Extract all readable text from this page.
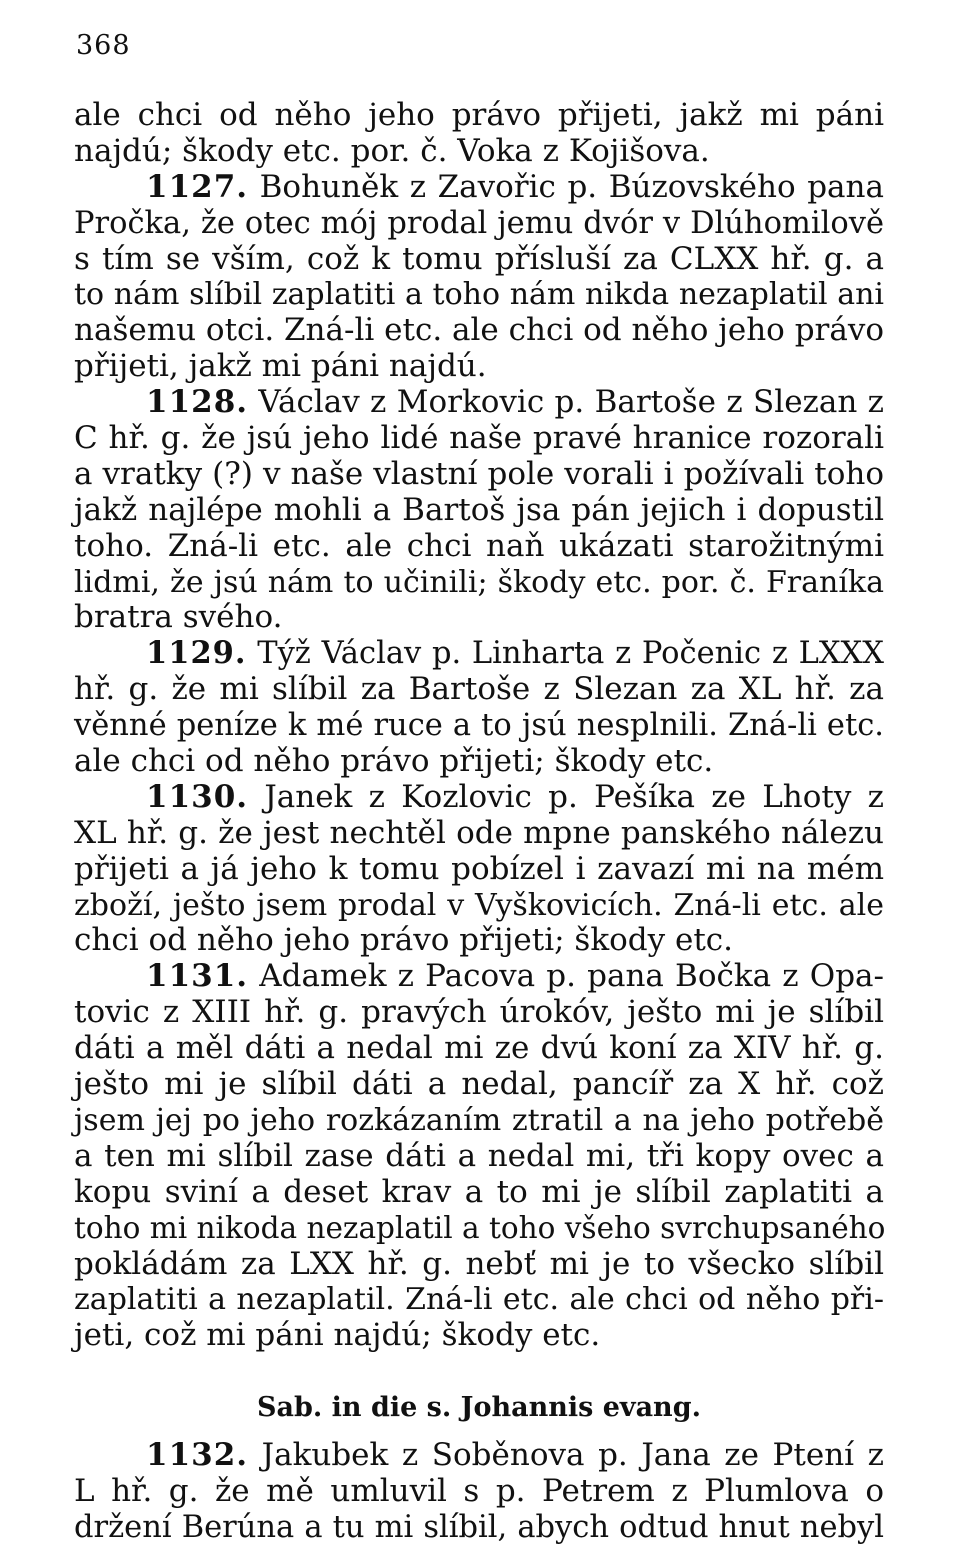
368
ale chci od něho jeho právo přijeti, jakž mi páni
najdú; škody etc. por. č. Voka z Kojišova.
1127. Bohuněk z Zavořic p. Búzovského pana
Pročka, že otec mój prodal jemu dvór v Dlúhomilově
s tím se vším, což k tomu přísluší za CLXX hř. g. a
to nám slíbil zaplatiti a toho nám nikda nezaplatil ani
našemu otci. Zná-li etc. ale chci od něho jeho právo
přijeti, jakž mi páni najdú.
1128. Václav z Morkovic p. Bartoše z Slezan z
C hř. g. že jsú jeho lidé naše pravé hranice rozorali
a vratky (?) v naše vlastní pole vorali i požívali toho
jakž najlépe mohli a Bartoš jsa pán jejich i dopustil
toho. Zná-li etc. ale chci naň ukázati starožitnými
lidmi, že jsú nám to učinili; škody etc. por. č. Franíka
bratra svého.
1129. Týž Václav p. Linharta z Počenic z LXXX
hř. g. že mi slíbil za Bartoše z Slezan za XL hř. za
věnné peníze k mé ruce a to jsú nesplnili. Zná-li etc.
ale chci od něho právo přijeti; škody etc.
1130. Janek z Kozlovic p. Pešíka ze Lhoty z
XL hř. g. že jest nechtěl ode mpne panského nálezu
přijeti a já jeho k tomu pobízel i zavazí mi na mém
zboží, ješto jsem prodal v Vyškovicích. Zná-li etc. ale
chci od něho jeho právo přijeti; škody etc.
1131. Adamek z Pacova p. pana Bočka z Opa-
tovic z XIII hř. g. pravých úrokóv, ješto mi je slíbil
dáti a měl dáti a nedal mi ze dvú koní za XIV hř. g.
ješto mi je slíbil dáti a nedal, pancíř za X hř. což
jsem jej po jeho rozkázaním ztratil a na jeho potřebě
a ten mi slíbil zase dáti a nedal mi, tři kopy ovec a
kopu sviní a deset krav a to mi je slíbil zaplatiti a
toho mi nikoda nezaplatil a toho všeho svrchupsaného
pokládám za LXX hř. g. nebť mi je to všecko slíbil
zaplatiti a nezaplatil. Zná-li etc. ale chci od něho při-
jeti, což mi páni najdú; škody etc.
Sab. in die s. Johannis evang.
1132. Jakubek z Soběnova p. Jana ze Ptení z
L hř. g. že mě umluvil s p. Petrem z Plumlova o
držení Berúna a tu mi slíbil, abych odtud hnut nebyl
